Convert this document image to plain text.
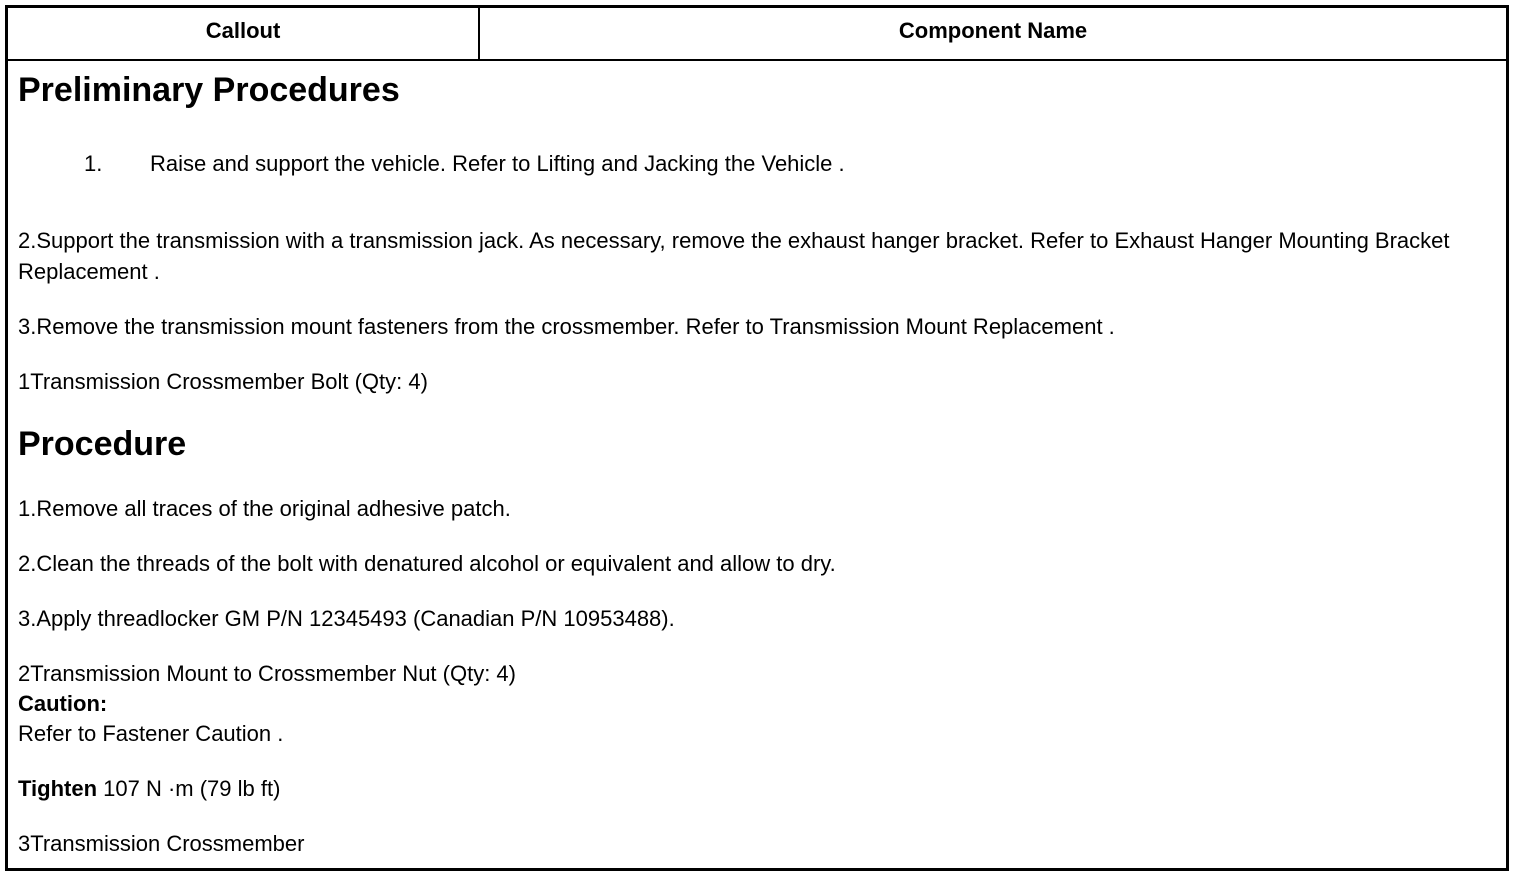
Callout	Component Name
Preliminary Procedures
1. Raise and support the vehicle. Refer to Lifting and Jacking the Vehicle .
2.Support the transmission with a transmission jack. As necessary, remove the exhaust hanger bracket. Refer to Exhaust Hanger Mounting Bracket Replacement .
3.Remove the transmission mount fasteners from the crossmember. Refer to Transmission Mount Replacement .
1Transmission Crossmember Bolt (Qty: 4)
Procedure
1.Remove all traces of the original adhesive patch.
2.Clean the threads of the bolt with denatured alcohol or equivalent and allow to dry.
3.Apply threadlocker GM P/N 12345493 (Canadian P/N 10953488).
2Transmission Mount to Crossmember Nut (Qty: 4)
Caution:
Refer to Fastener Caution .
Tighten 107 N ·m (79 lb ft)
3Transmission Crossmember
